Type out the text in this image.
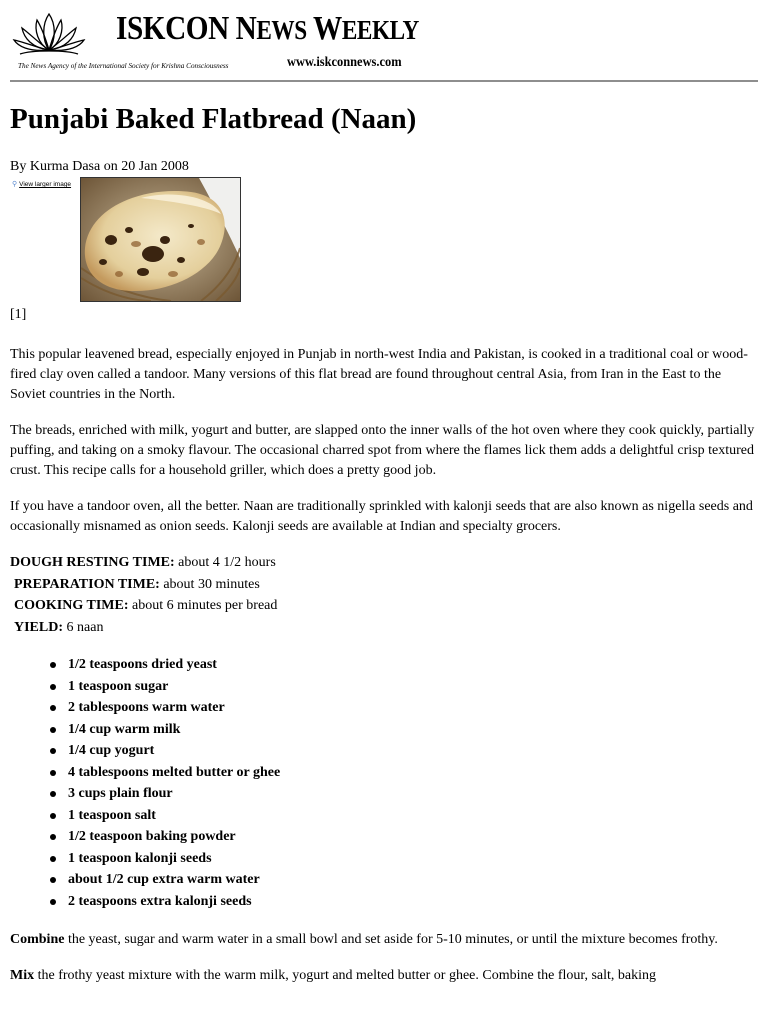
ISKCON NEWS WEEKLY
The News Agency of the International Society for Krishna Consciousness	www.iskconnews.com
Punjabi Baked Flatbread (Naan)
By Kurma Dasa on 20 Jan 2008
⚲ View larger image
[1]

This popular leavened bread, especially enjoyed in Punjab in north-west India and Pakistan, is cooked in a traditional coal or wood-fired clay oven called a tandoor. Many versions of this flat bread are found throughout central Asia, from Iran in the East to the Soviet countries in the North.

The breads, enriched with milk, yogurt and butter, are slapped onto the inner walls of the hot oven where they cook quickly, partially puffing, and taking on a smoky flavour. The occasional charred spot from where the flames lick them adds a delightful crisp textured crust. This recipe calls for a household griller, which does a pretty good job.

If you have a tandoor oven, all the better. Naan are traditionally sprinkled with kalonji seeds that are also known as nigella seeds and occasionally misnamed as onion seeds. Kalonji seeds are available at Indian and specialty grocers.

DOUGH RESTING TIME: about 4 1/2 hours
PREPARATION TIME: about 30 minutes
COOKING TIME: about 6 minutes per bread
YIELD: 6 naan
1/2 teaspoons dried yeast
1 teaspoon sugar
2 tablespoons warm water
1/4 cup warm milk
1/4 cup yogurt
4 tablespoons melted butter or ghee
3 cups plain flour
1 teaspoon salt
1/2 teaspoon baking powder
1 teaspoon kalonji seeds
about 1/2 cup extra warm water
2 teaspoons extra kalonji seeds

Combine the yeast, sugar and warm water in a small bowl and set aside for 5-10 minutes, or until the mixture becomes frothy.

Mix the frothy yeast mixture with the warm milk, yogurt and melted butter or ghee. Combine the flour, salt, baking
